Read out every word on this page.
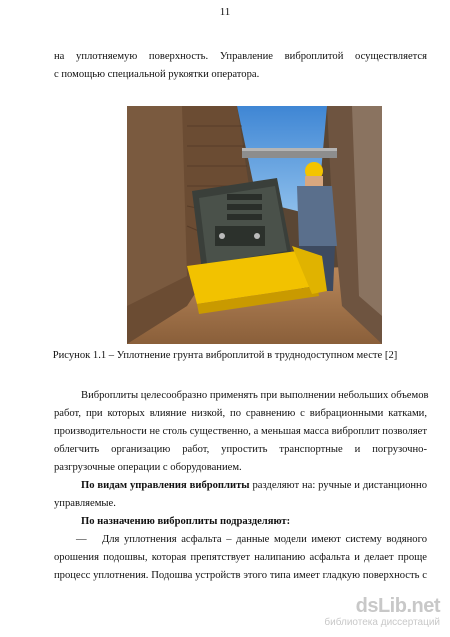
11
на уплотняемую поверхность. Управление виброплитой осуществляется
с помощью специальной рукоятки оператора.
Рисунок 1.1 – Уплотнение грунта виброплитой в труднодоступном месте [2]
Виброплиты целесообразно применять при выполнении небольших объемов
работ, при которых влияние низкой, по сравнению с вибрационными катками,
производительности не столь существенно, а меньшая масса виброплит позволяет
облегчить организацию работ, упростить транспортные и погрузочно-
разгрузочные операции с оборудованием.
По видам управления виброплиты разделяют на: ручные и дистанционно
управляемые.
По назначению виброплиты подразделяют:
— Для уплотнения асфальта – данные модели имеют систему водяного
орошения подошвы, которая препятствует налипанию асфальта и делает проще
процесс уплотнения. Подошва устройств этого типа имеет гладкую поверхность с
dsLib.net
библиотека диссертаций
